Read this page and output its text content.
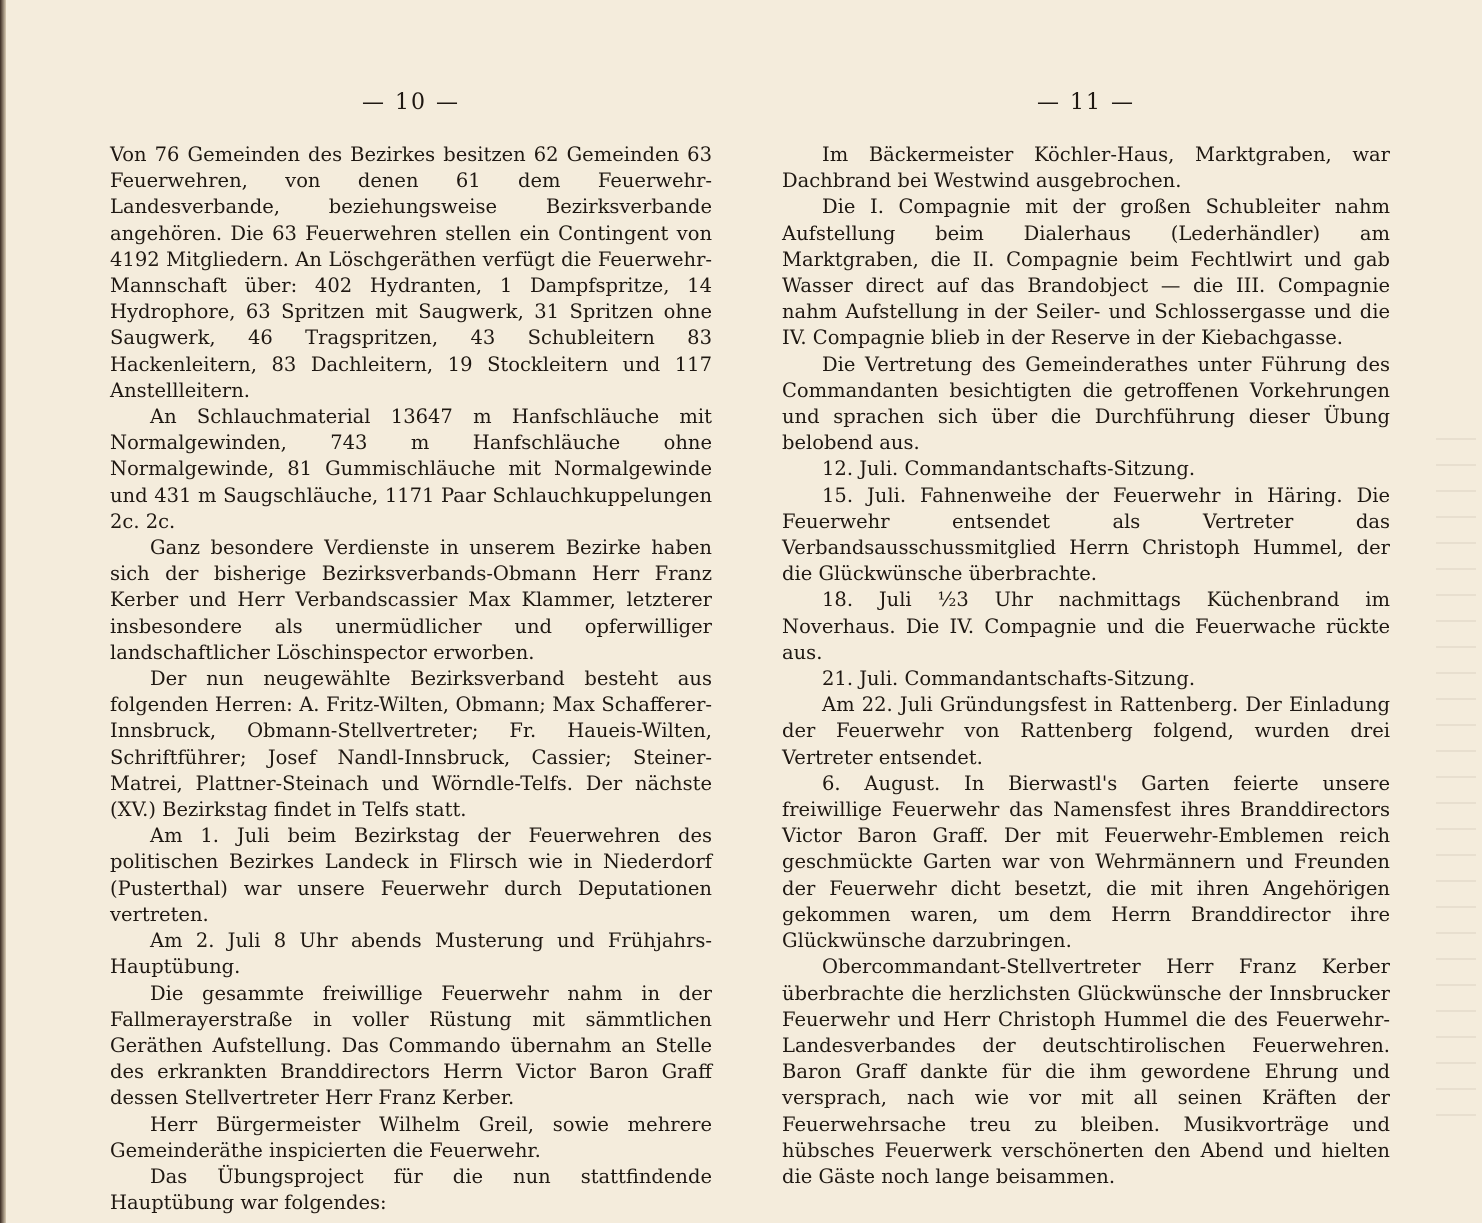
— 10 —

Von 76 Gemeinden des Bezirkes besitzen 62 Gemeinden 63 Feuerwehren, von denen 61 dem Feuerwehr-Landesverbande, beziehungsweise Bezirksverbande angehören. Die 63 Feuerwehren stellen ein Contingent von 4192 Mitgliedern. An Löschgeräthen verfügt die Feuerwehr-Mannschaft über: 402 Hydranten, 1 Dampfspritze, 14 Hydrophore, 63 Spritzen mit Saugwerk, 31 Spritzen ohne Saugwerk, 46 Tragspritzen, 43 Schubleitern 83 Hackenleitern, 83 Dachleitern, 19 Stockleitern und 117 Anstellleitern.

An Schlauchmaterial 13647 m Hanfschläuche mit Normalgewinden, 743 m Hanfschläuche ohne Normalgewinde, 81 Gummischläuche mit Normalgewinde und 431 m Saugschläuche, 1171 Paar Schlauchkuppelungen 2c. 2c.

Ganz besondere Verdienste in unserem Bezirke haben sich der bisherige Bezirksverbands-Obmann Herr Franz Kerber und Herr Verbandscassier Max Klammer, letzterer insbesondere als unermüdlicher und opferwilliger landschaftlicher Löschinspector erworben.

Der nun neugewählte Bezirksverband besteht aus folgenden Herren: A. Fritz-Wilten, Obmann; Max Schafferer-Innsbruck, Obmann-Stellvertreter; Fr. Haueis-Wilten, Schriftführer; Josef Nandl-Innsbruck, Cassier; Steiner-Matrei, Plattner-Steinach und Wörndle-Telfs. Der nächste (XV.) Bezirkstag findet in Telfs statt.

Am 1. Juli beim Bezirkstag der Feuerwehren des politischen Bezirkes Landeck in Flirsch wie in Niederdorf (Pusterthal) war unsere Feuerwehr durch Deputationen vertreten.

Am 2. Juli 8 Uhr abends Musterung und Frühjahrs-Hauptübung.

Die gesammte freiwillige Feuerwehr nahm in der Fallmerayerstraße in voller Rüstung mit sämmtlichen Geräthen Aufstellung. Das Commando übernahm an Stelle des erkrankten Branddirectors Herrn Victor Baron Graff dessen Stellvertreter Herr Franz Kerber.

Herr Bürgermeister Wilhelm Greil, sowie mehrere Gemeinderäthe inspicierten die Feuerwehr.

Das Übungsproject für die nun stattfindende Hauptübung war folgendes:

— 11 —

Im Bäckermeister Köchler-Haus, Marktgraben, war Dachbrand bei Westwind ausgebrochen.

Die I. Compagnie mit der großen Schubleiter nahm Aufstellung beim Dialerhaus (Lederhändler) am Marktgraben, die II. Compagnie beim Fechtlwirt und gab Wasser direct auf das Brandobject — die III. Compagnie nahm Aufstellung in der Seiler- und Schlossergasse und die IV. Compagnie blieb in der Reserve in der Kiebachgasse.

Die Vertretung des Gemeinderathes unter Führung des Commandanten besichtigten die getroffenen Vorkehrungen und sprachen sich über die Durchführung dieser Übung belobend aus.

12. Juli. Commandantschafts-Sitzung.

15. Juli. Fahnenweihe der Feuerwehr in Häring. Die Feuerwehr entsendet als Vertreter das Verbandsausschussmitglied Herrn Christoph Hummel, der die Glückwünsche überbrachte.

18. Juli ½3 Uhr nachmittags Küchenbrand im Noverhaus. Die IV. Compagnie und die Feuerwache rückte aus.

21. Juli. Commandantschafts-Sitzung.

Am 22. Juli Gründungsfest in Rattenberg. Der Einladung der Feuerwehr von Rattenberg folgend, wurden drei Vertreter entsendet.

6. August. In Bierwastl's Garten feierte unsere freiwillige Feuerwehr das Namensfest ihres Branddirectors Victor Baron Graff. Der mit Feuerwehr-Emblemen reich geschmückte Garten war von Wehrmännern und Freunden der Feuerwehr dicht besetzt, die mit ihren Angehörigen gekommen waren, um dem Herrn Branddirector ihre Glückwünsche darzubringen.

Obercommandant-Stellvertreter Herr Franz Kerber überbrachte die herzlichsten Glückwünsche der Innsbrucker Feuerwehr und Herr Christoph Hummel die des Feuerwehr-Landesverbandes der deutschtirolischen Feuerwehren. Baron Graff dankte für die ihm gewordene Ehrung und versprach, nach wie vor mit all seinen Kräften der Feuerwehrsache treu zu bleiben. Musikvorträge und hübsches Feuerwerk verschönerten den Abend und hielten die Gäste noch lange beisammen.
